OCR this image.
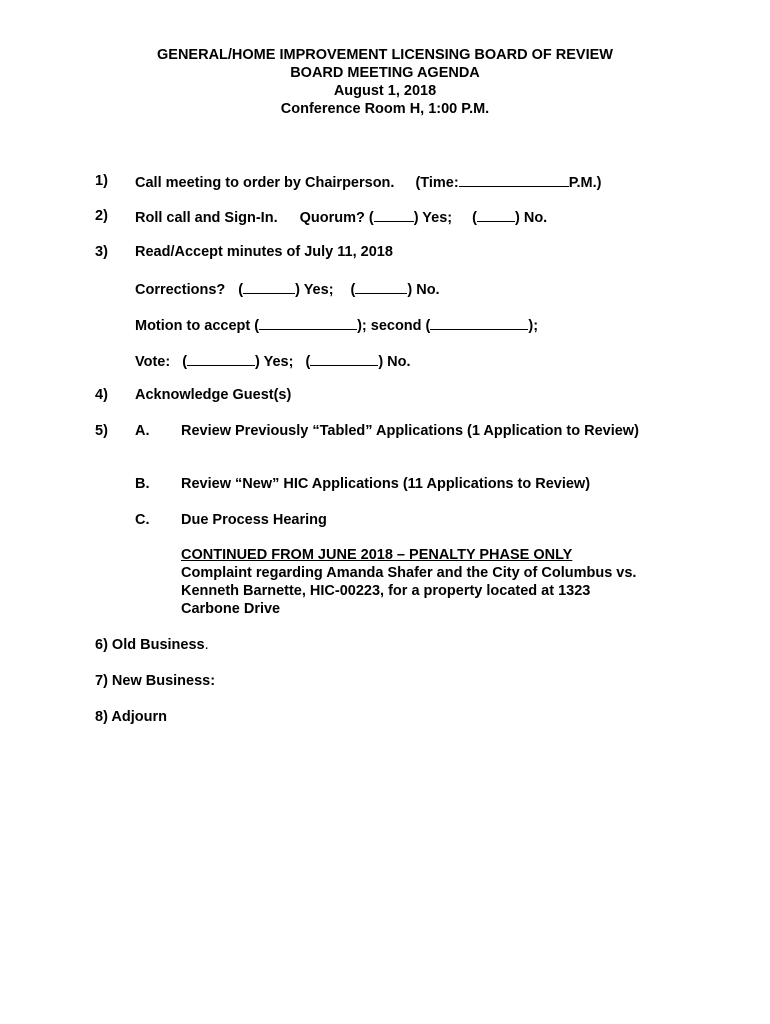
GENERAL/HOME IMPROVEMENT LICENSING BOARD OF REVIEW
BOARD MEETING AGENDA
August 1, 2018
Conference Room H, 1:00 P.M.
1) Call meeting to order by Chairperson. (Time:	P.M.)
2) Roll call and Sign-In. Quorum? (	) Yes; (	) No.
3) Read/Accept minutes of July 11, 2018
Corrections? (	) Yes; (	) No.
Motion to accept (	); second (	);
Vote: (	) Yes; (	) No.
4) Acknowledge Guest(s)
5) A. Review Previously “Tabled” Applications (1 Application to Review)
B. Review “New” HIC Applications (11 Applications to Review)
C. Due Process Hearing
CONTINUED FROM JUNE 2018 – PENALTY PHASE ONLY
Complaint regarding Amanda Shafer and the City of Columbus vs. Kenneth Barnette, HIC-00223, for a property located at 1323 Carbone Drive
6) Old Business.
7) New Business:
8) Adjourn
